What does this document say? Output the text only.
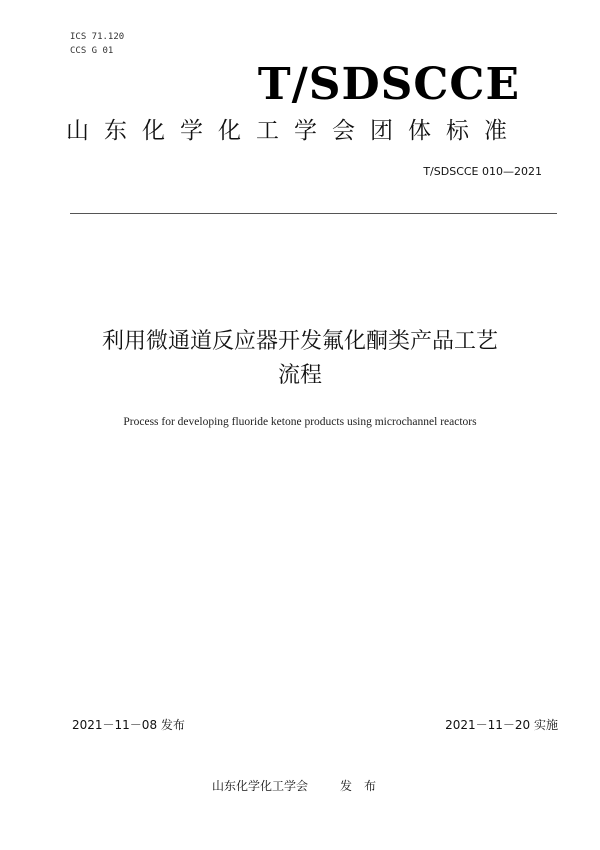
ICS 71.120
CCS G 01
T/SDSCCE
山东化学化工学会团体标准
T/SDSCCE 010—2021
利用微通道反应器开发氟化酮类产品工艺
流程
Process for developing fluoride ketone products using microchannel reactors
2021－11－08 发布	2021－11－20 实施
山东化学化工学会	发布
